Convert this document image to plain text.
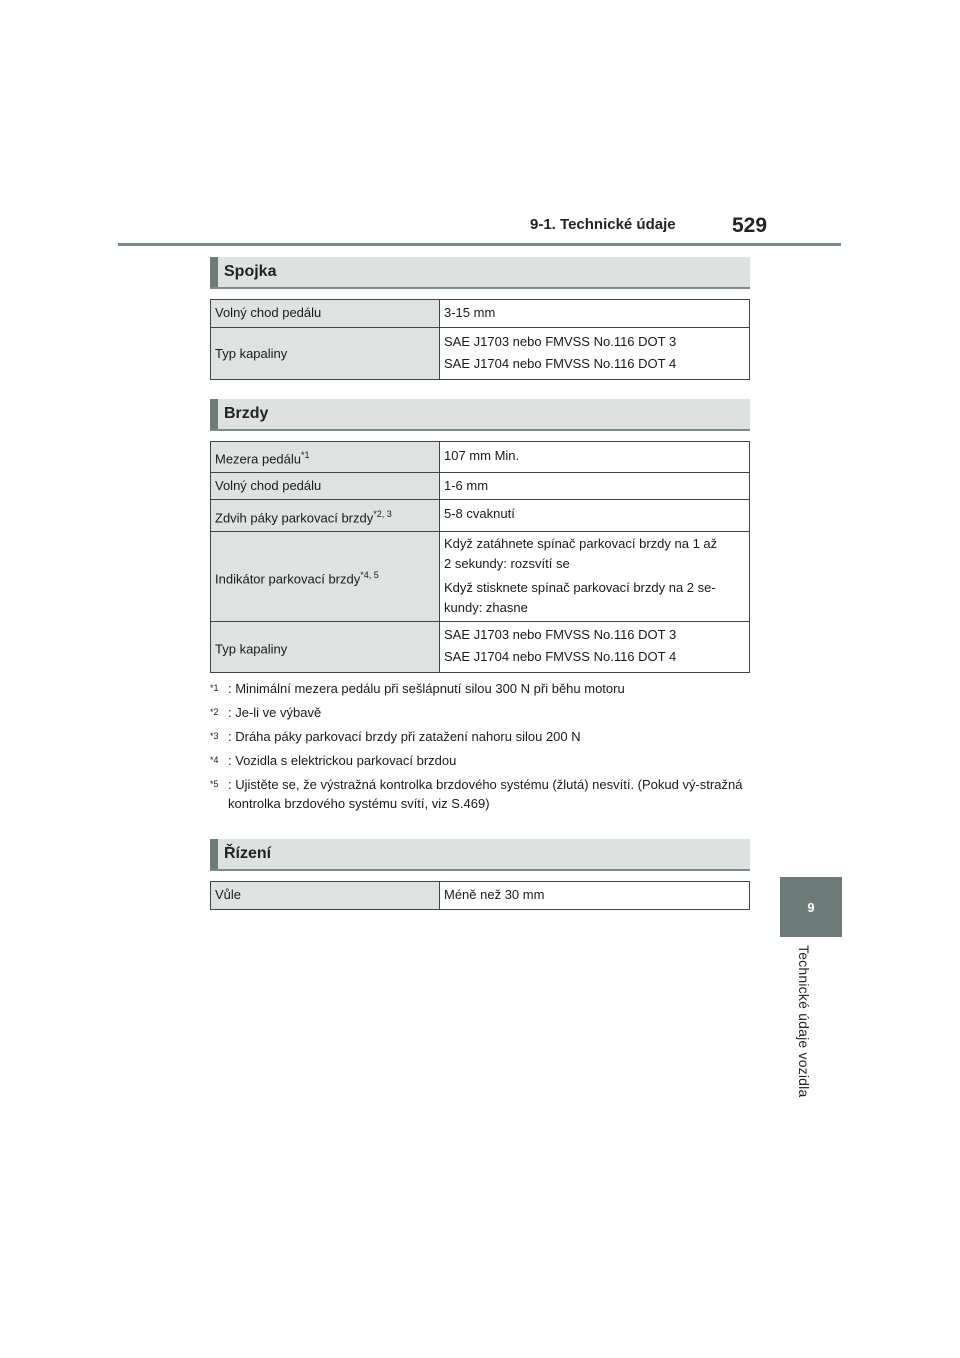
9-1. Technické údaje	529
9
Technické údaje vozidla
Spojka
Volný chod pedálu	3-15 mm

Typ kapaliny	SAE J1703 nebo FMVSS No.116 DOT 3
SAE J1704 nebo FMVSS No.116 DOT 4
Brzdy
Mezera pedálu$^{*1}$	107 mm Min.

Volný chod pedálu	1-6 mm

Zdvih páky parkovací brzdy$^{*2, 3}$	5-8 cvaknutí

Indikátor parkovací brzdy$^{*4, 5}$	Když zatáhnete spínač parkovací brzdy na 1 až
2 sekundy: rozsvítí se
Když stisknete spínač parkovací brzdy na 2 se-
kundy: zhasne

Typ kapaliny	SAE J1703 nebo FMVSS No.116 DOT 3
SAE J1704 nebo FMVSS No.116 DOT 4
*1 : Minimální mezera pedálu při sešlápnutí silou 300 N při běhu motoru
*2 : Je-li ve výbavě
*3 : Dráha páky parkovací brzdy při zatažení nahoru silou 200 N
*4 : Vozidla s elektrickou parkovací brzdou
*5 : Ujistěte se, že výstražná kontrolka brzdového systému (žlutá) nesvítí. (Pokud vý-stražná kontrolka brzdového systému svítí, viz S.469)
Řízení
Vůle	Méně než 30 mm
